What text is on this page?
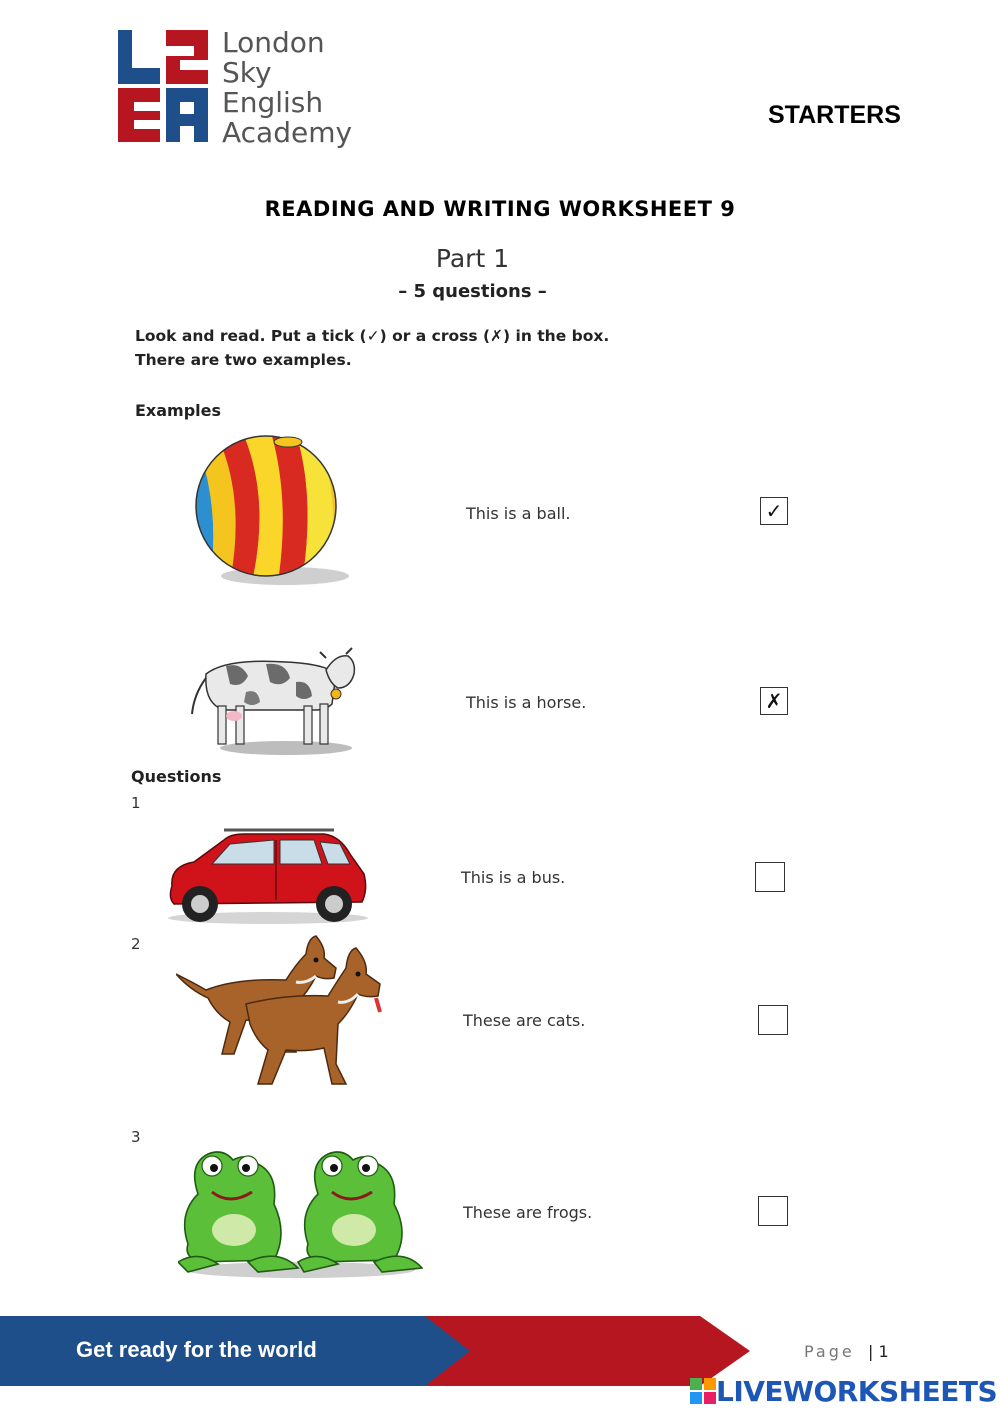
L	S
E	A
London
Sky
English
Academy
STARTERS
READING AND WRITING WORKSHEET 9
Part 1
– 5 questions –
Look and read. Put a tick (✓) or a cross (✗) in the box.
There are two examples.
Examples
This is a ball.	✓
This is a horse.	✗
Questions
1
This is a bus.
2
These are cats.
3
These are frogs.
Get ready for the world	Page | 1
LIVEWORKSHEETS
